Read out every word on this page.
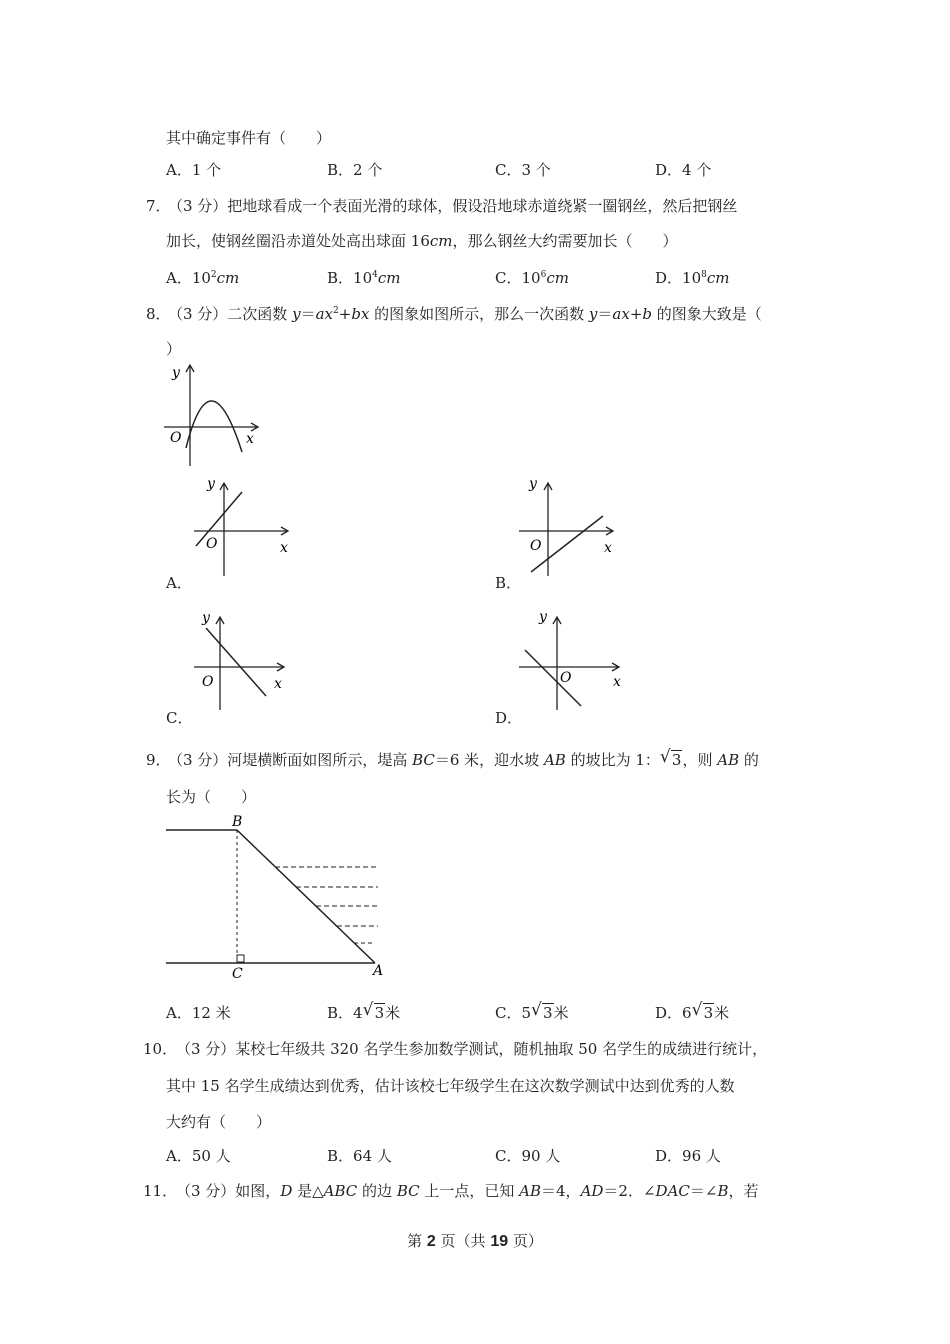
其中确定事件有（　　）
A．1 个	B．2 个	C．3 个	D．4 个
7．
（3 分）把地球看成一个表面光滑的球体，假设沿地球赤道绕紧一圈钢丝，然后把钢丝
加长，使钢丝圈沿赤道处处高出球面 16cm，那么钢丝大约需要加长（　　）
A．$10^2cm$	B．$10^4cm$	C．$10^6cm$	D．$10^8cm$
8．
（3 分）二次函数 $y=ax^2+bx$ 的图象如图所示，那么一次函数 y＝ax+b 的图象大致是（
）
y
O	x
y
O	x
A．
y
O	x
B．
y
O	x
C．
y
O	x
D．
9．
（3 分）河堤横断面如图所示，堤高 BC＝6 米，迎水坡 AB 的坡比为 1： √ 3，则 AB 的
长为（　　）
B
C	A
A．12 米	B．4 √ 3米	C．5 √ 3米	D．6 √ 3米
10．
（3 分）某校七年级共 320 名学生参加数学测试，随机抽取 50 名学生的成绩进行统计，
其中 15 名学生成绩达到优秀，估计该校七年级学生在这次数学测试中达到优秀的人数
大约有（　　）
A．50 人	B．64 人	C．90 人	D．96 人
11．
（3 分）如图，D 是△ABC 的边 BC 上一点，已知 AB＝4，AD＝2．∠DAC＝∠B，若
第 2 页（共 19 页）
